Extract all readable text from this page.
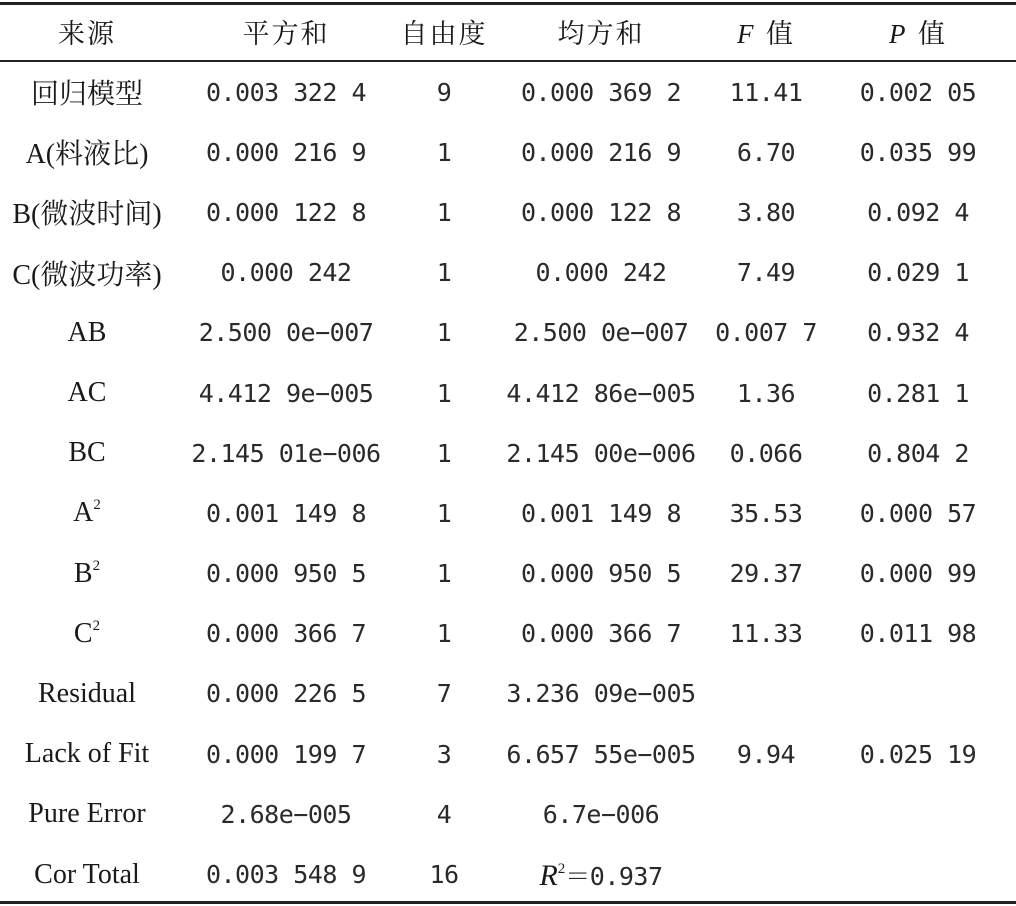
来源	平方和	自由度	均方和	F 值	P 值
回归模型	0.003 322 4	9	0.000 369 2	11.41	0.002 05
A(料液比)	0.000 216 9	1	0.000 216 9	6.70	0.035 99
B(微波时间)	0.000 122 8	1	0.000 122 8	3.80	0.092 4
C(微波功率)	0.000 242	1	0.000 242	7.49	0.029 1
AB	2.500 0e−007	1	2.500 0e−007	0.007 7	0.932 4
AC	4.412 9e−005	1	4.412 86e−005	1.36	0.281 1
BC	2.145 01e−006	1	2.145 00e−006	0.066	0.804 2
$A^2$	0.001 149 8	1	0.001 149 8	35.53	0.000 57
$B^2$	0.000 950 5	1	0.000 950 5	29.37	0.000 99
$C^2$	0.000 366 7	1	0.000 366 7	11.33	0.011 98
Residual	0.000 226 5	7	3.236 09e−005		
Lack of Fit	0.000 199 7	3	6.657 55e−005	9.94	0.025 19
Pure Error	2.68e−005	4	6.7e−006		
Cor Total	0.003 548 9	16	$R^2=0.937$		
